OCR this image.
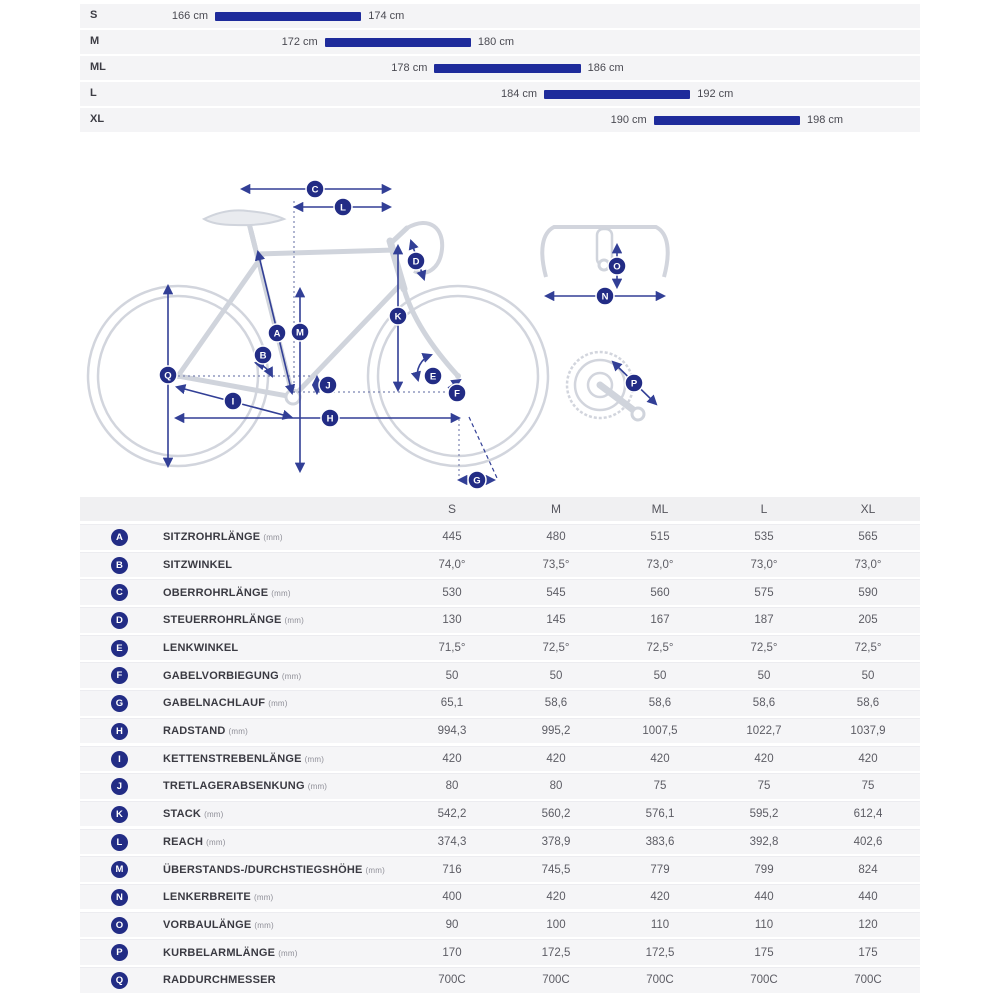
S	166 cm	174 cm
M	172 cm	180 cm
ML	178 cm	186 cm
L	184 cm	192 cm
XL	190 cm	198 cm
A
B
C
D
E
F
G
H
I
J
K
L
M
N
O
P
Q
S	M	ML	L	XL
A	SITZROHRLÄNGE (mm)	445	480	515	535	565
B	SITZWINKEL	74,0°	73,5°	73,0°	73,0°	73,0°
C	OBERROHRLÄNGE (mm)	530	545	560	575	590
D	STEUERROHRLÄNGE (mm)	130	145	167	187	205
E	LENKWINKEL	71,5°	72,5°	72,5°	72,5°	72,5°
F	GABELVORBIEGUNG (mm)	50	50	50	50	50
G	GABELNACHLAUF (mm)	65,1	58,6	58,6	58,6	58,6
H	RADSTAND (mm)	994,3	995,2	1007,5	1022,7	1037,9
I	KETTENSTREBENLÄNGE (mm)	420	420	420	420	420
J	TRETLAGERABSENKUNG (mm)	80	80	75	75	75
K	STACK (mm)	542,2	560,2	576,1	595,2	612,4
L	REACH (mm)	374,3	378,9	383,6	392,8	402,6
M	ÜBERSTANDS-/DURCHSTIEGSHÖHE (mm)	716	745,5	779	799	824
N	LENKERBREITE (mm)	400	420	420	440	440
O	VORBAULÄNGE (mm)	90	100	110	110	120
P	KURBELARMLÄNGE (mm)	170	172,5	172,5	175	175
Q	RADDURCHMESSER	700C	700C	700C	700C	700C
